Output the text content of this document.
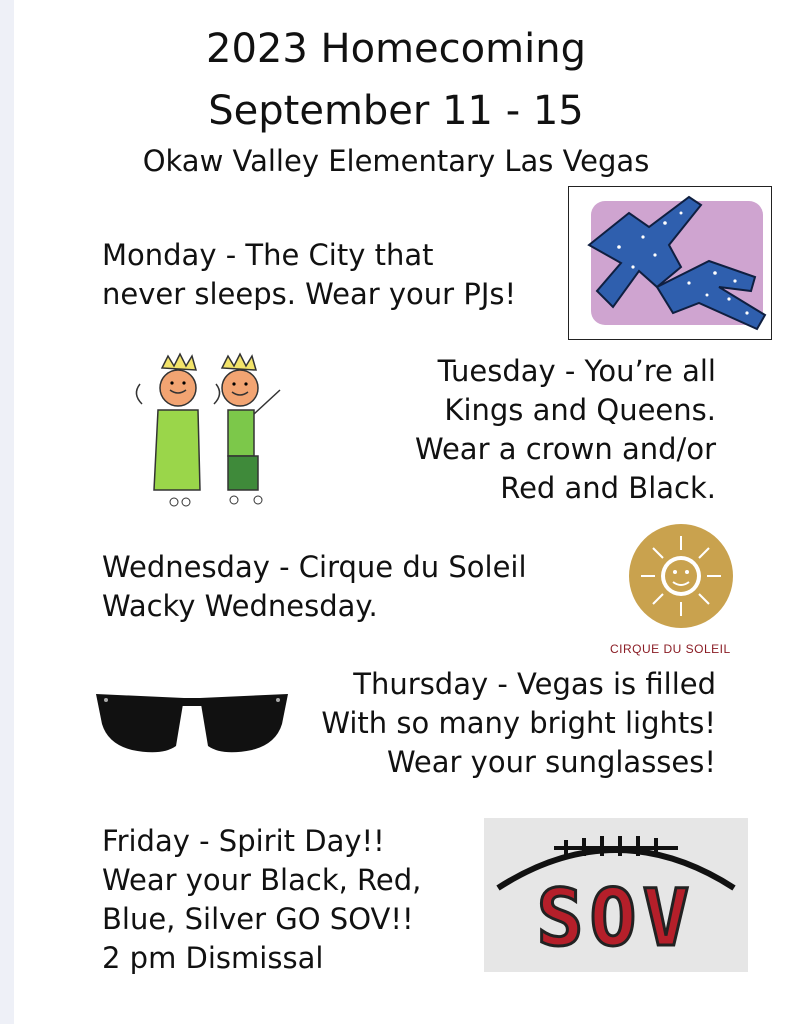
2023 Homecoming
September 11 - 15
Okaw Valley Elementary Las Vegas
Monday - The City that
never sleeps. Wear your PJs!
Tuesday - You’re all
Kings and Queens.
Wear a crown and/or
Red and Black.
Wednesday - Cirque du Soleil
Wacky Wednesday.
CIRQUE DU SOLEIL
Thursday - Vegas is filled
With so many bright lights!
Wear your sunglasses!
Friday - Spirit Day!!
Wear your Black, Red,
Blue, Silver GO SOV!!
2 pm Dismissal	SOV
